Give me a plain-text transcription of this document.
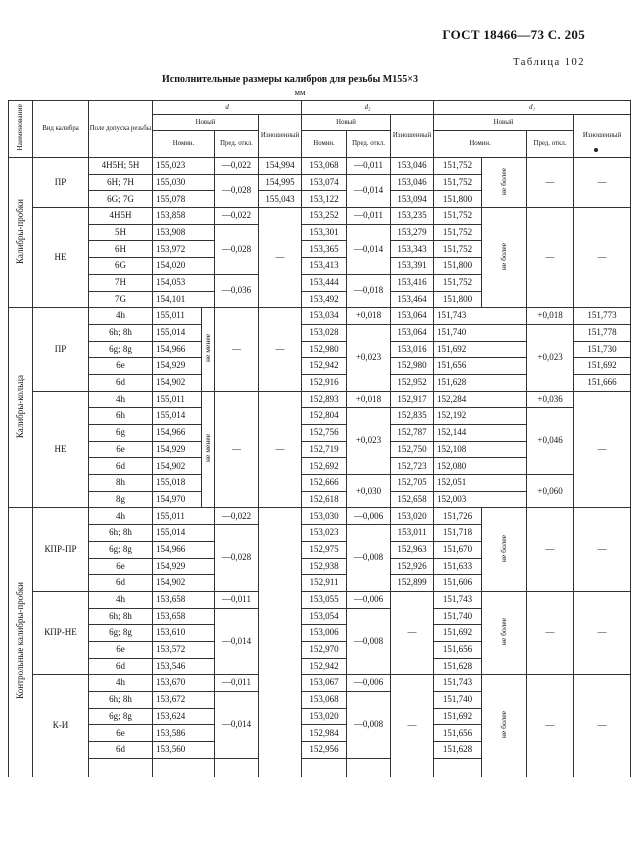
ГОСТ 18466—73 С. 205
Таблица 102
Исполнительные размеры калибров для резьбы М155×3
мм
Наименование	Вид калибра	Поле допуска резьбы	d				d₂			d₁			
			Новый			Изношенный	Новый		Изношенный	Новый			Изношенный
			Номин.		Пред. откл.		Номин.	Пред. откл.		Номин.		Пред. откл.	
Калибры-пробки	ПР	4H5H; 5H	155,023		—0,022	154,994	153,068	—0,011	153,046	151,752	не более	—	—
		6H; 7H	155,030		—0,028	154,995	153,074	—0,014	153,046	151,752			
		6G; 7G	155,078			155,043	153,122		153,094	151,800			
	НЕ	4H5H	153,858		—0,022	—	153,252	—0,011	153,235	151,752	не более	—	—
		5H	153,908		—0,028		153,301	—0,014	153,279	151,752			
		6H	153,972				153,365		153,343	151,752			
		6G	154,020				153,413		153,391	151,800			
		7H	154,053		—0,036		153,444	—0,018	153,416	151,752			
		7G	154,101				153,492		153,464	151,800			
Калибры-кольца	ПР	4h	155,011	не менее	—	—	153,034	+0,018	153,064	151,743		+0,018	151,773
		6h; 8h	155,014				153,028	+0,023	153,064	151,740		+0,023	151,778
		6g; 8g	154,966				152,980		153,016	151,692			151,730
		6e	154,929				152,942		152,980	151,656			151,692
		6d	154,902				152,916		152,952	151,628			151,666
	НЕ	4h	155,011	не менее	—	—	152,893	+0,018	152,917	152,284		+0,036	—
		6h	155,014				152,804	+0,023	152,835	152,192		+0,046	
		6g	154,966				152,756		152,787	152,144			
		6e	154,929				152,719		152,750	152,108			
		6d	154,902				152,692		152,723	152,080			
		8h	155,018				152,666	+0,030	152,705	152,051		+0,060	
		8g	154,970				152,618		152,658	152,003			
Контрольные калибры-пробки	КПР-ПР	4h	155,011		—0,022		153,030	—0,006	153,020	151,726	не более	—	—
		6h; 8h	155,014		—0,028		153,023	—0,008	153,011	151,718			
		6g; 8g	154,966				152,975		152,963	151,670			
		6e	154,929				152,938		152,926	151,633			
		6d	154,902				152,911		152,899	151,606			
	КПР-НЕ	4h	153,658		—0,011		153,055	—0,006	—	151,743	не более	—	—
		6h; 8h	153,658		—0,014		153,054	—0,008		151,740			
		6g; 8g	153,610				153,006			151,692			
		6e	153,572				152,970			151,656			
		6d	153,546				152,942			151,628			
	К-И	4h	153,670		—0,011		153,067	—0,006	—	151,743	не более	—	—
		6h; 8h	153,672		—0,014		153,068	—0,008		151,740			
		6g; 8g	153,624				153,020			151,692			
		6e	153,586				152,984			151,656			
		6d	153,560				152,956			151,628			
